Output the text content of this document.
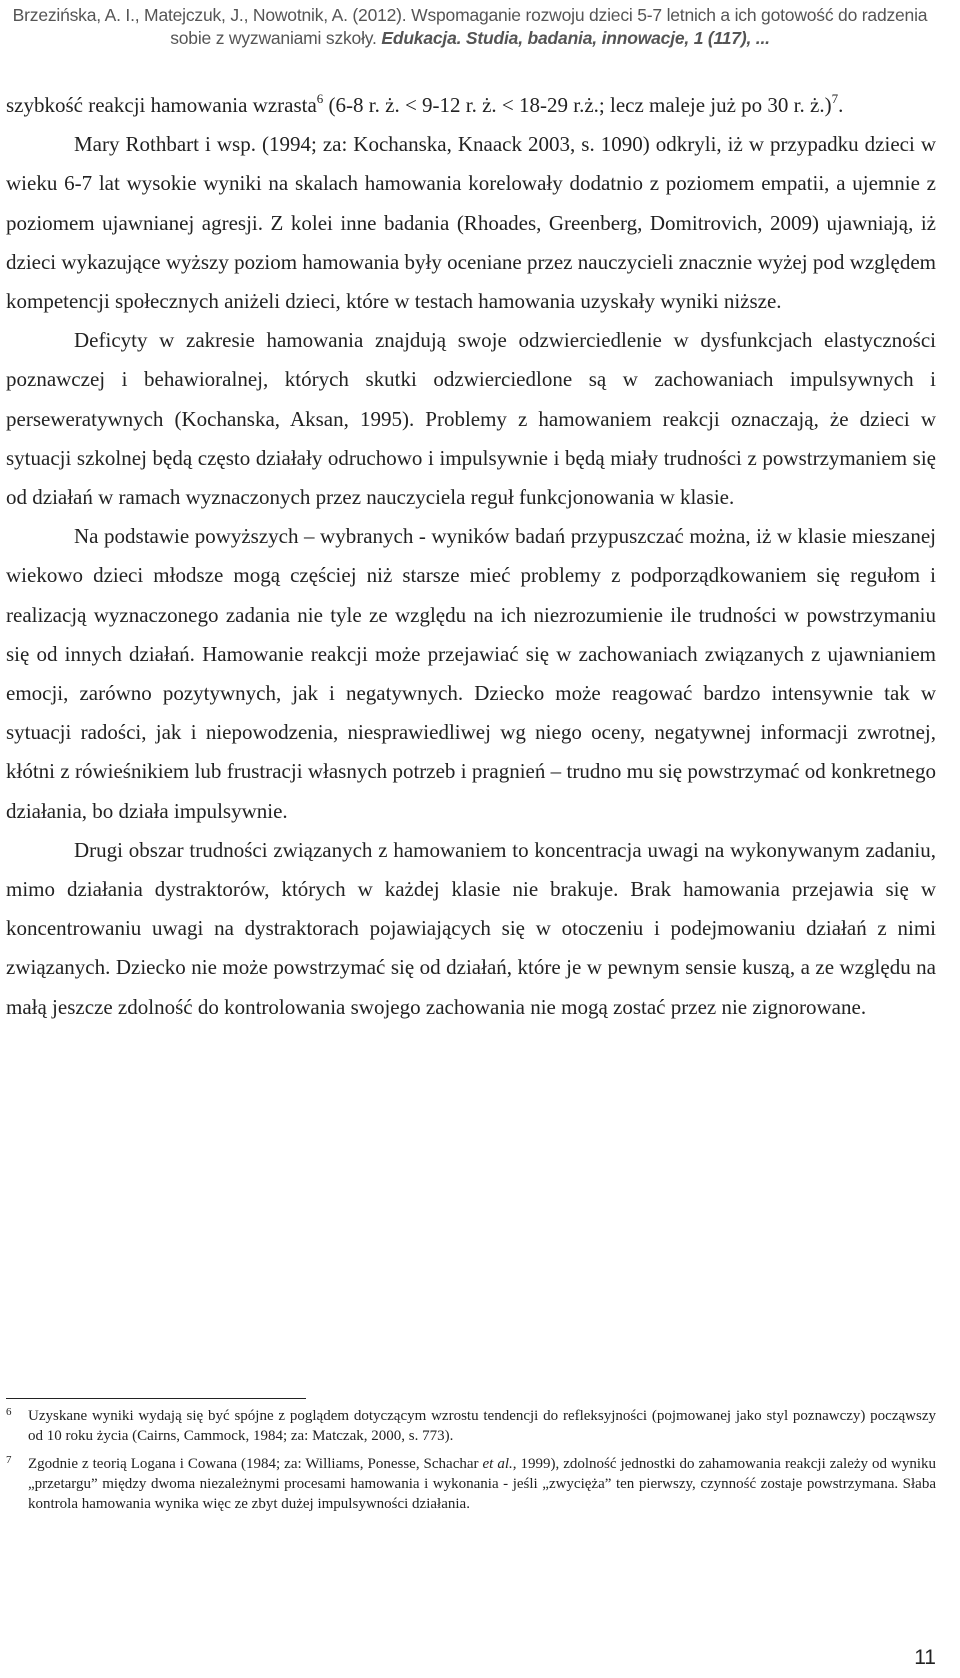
Brzezińska, A. I., Matejczuk, J., Nowotnik, A. (2012). Wspomaganie rozwoju dzieci 5-7 letnich a ich gotowość do radzenia
sobie z wyzwaniami szkoły. Edukacja. Studia, badania, innowacje, 1 (117), ...

szybkość reakcji hamowania wzrasta$^6$ (6-8 r. ż. < 9-12 r. ż. < 18-29 r.ż.; lecz maleje już po 30 r. ż.)$^7$.

Mary Rothbart i wsp. (1994; za: Kochanska, Knaack 2003, s. 1090) odkryli, iż w przypadku dzieci w wieku 6-7 lat wysokie wyniki na skalach hamowania korelowały dodatnio z poziomem empatii, a ujemnie z poziomem ujawnianej agresji. Z kolei inne badania (Rhoades, Greenberg, Domitrovich, 2009) ujawniają, iż dzieci wykazujące wyższy poziom hamowania były oceniane przez nauczycieli znacznie wyżej pod względem kompetencji społecznych aniżeli dzieci, które w testach hamowania uzyskały wyniki niższe.

Deficyty w zakresie hamowania znajdują swoje odzwierciedlenie w dysfunkcjach elastyczności poznawczej i behawioralnej, których skutki odzwierciedlone są w zachowaniach impulsywnych i perseweratywnych (Kochanska, Aksan, 1995). Problemy z hamowaniem reakcji oznaczają, że dzieci w sytuacji szkolnej będą często działały odruchowo i impulsywnie i będą miały trudności z powstrzymaniem się od działań w ramach wyznaczonych przez nauczyciela reguł funkcjonowania w klasie.

Na podstawie powyższych – wybranych - wyników badań przypuszczać można, iż w klasie mieszanej wiekowo dzieci młodsze mogą częściej niż starsze mieć problemy z podporządkowaniem się regułom i realizacją wyznaczonego zadania nie tyle ze względu na ich niezrozumienie ile trudności w powstrzymaniu się od innych działań. Hamowanie reakcji może przejawiać się w zachowaniach związanych z ujawnianiem emocji, zarówno pozytywnych, jak i negatywnych. Dziecko może reagować bardzo intensywnie tak w sytuacji radości, jak i niepowodzenia, niesprawiedliwej wg niego oceny, negatywnej informacji zwrotnej, kłótni z rówieśnikiem lub frustracji własnych potrzeb i pragnień – trudno mu się powstrzymać od konkretnego działania, bo działa impulsywnie.

Drugi obszar trudności związanych z hamowaniem to koncentracja uwagi na wykonywanym zadaniu, mimo działania dystraktorów, których w każdej klasie nie brakuje. Brak hamowania przejawia się w koncentrowaniu uwagi na dystraktorach pojawiających się w otoczeniu i podejmowaniu działań z nimi związanych. Dziecko nie może powstrzymać się od działań, które je w pewnym sensie kuszą, a ze względu na małą jeszcze zdolność do kontrolowania swojego zachowania nie mogą zostać przez nie zignorowane.

6	Uzyskane wyniki wydają się być spójne z poglądem dotyczącym wzrostu tendencji do refleksyjności (pojmowanej jako styl poznawczy) począwszy od 10 roku życia (Cairns, Cammock, 1984; za: Matczak, 2000, s. 773).
7	Zgodnie z teorią Logana i Cowana (1984; za: Williams, Ponesse, Schachar et al., 1999), zdolność jednostki do zahamowania reakcji zależy od wyniku „przetargu” między dwoma niezależnymi procesami hamowania i wykonania - jeśli „zwycięża” ten pierwszy, czynność zostaje powstrzymana. Słaba kontrola hamowania wynika więc ze zbyt dużej impulsywności działania.
11
